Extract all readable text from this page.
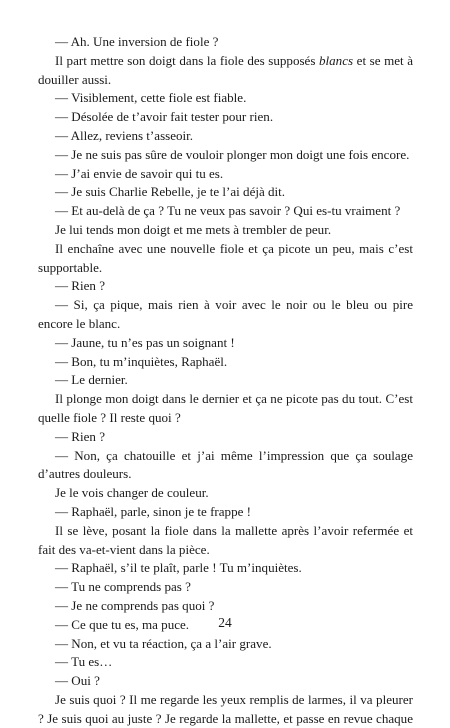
— Ah. Une inversion de fiole ?

Il part mettre son doigt dans la fiole des supposés blancs et se met à douiller aussi.

— Visiblement, cette fiole est fiable.

— Désolée de t’avoir fait tester pour rien.

— Allez, reviens t’asseoir.

— Je ne suis pas sûre de vouloir plonger mon doigt une fois encore.

— J’ai envie de savoir qui tu es.

— Je suis Charlie Rebelle, je te l’ai déjà dit.

— Et au-delà de ça ? Tu ne veux pas savoir ? Qui es-tu vraiment ?

Je lui tends mon doigt et me mets à trembler de peur.

Il enchaîne avec une nouvelle fiole et ça picote un peu, mais c’est supportable.

— Rien ?

— Si, ça pique, mais rien à voir avec le noir ou le bleu ou pire encore le blanc.

— Jaune, tu n’es pas un soignant !

— Bon, tu m’inquiètes, Raphaël.

— Le dernier.

Il plonge mon doigt dans le dernier et ça ne picote pas du tout. C’est quelle fiole ? Il reste quoi ?

— Rien ?

— Non, ça chatouille et j’ai même l’impression que ça soulage d’autres douleurs.

Je le vois changer de couleur.

— Raphaël, parle, sinon je te frappe !

Il se lève, posant la fiole dans la mallette après l’avoir refermée et fait des va-et-vient dans la pièce.

— Raphaël, s’il te plaît, parle ! Tu m’inquiètes.

— Tu ne comprends pas ?

— Je ne comprends pas quoi ?

— Ce que tu es, ma puce.

— Non, et vu ta réaction, ça a l’air grave.

— Tu es…

— Oui ?

Je suis quoi ? Il me regarde les yeux remplis de larmes, il va pleurer ? Je suis quoi au juste ? Je regarde la mallette, et passe en revue chaque

24
